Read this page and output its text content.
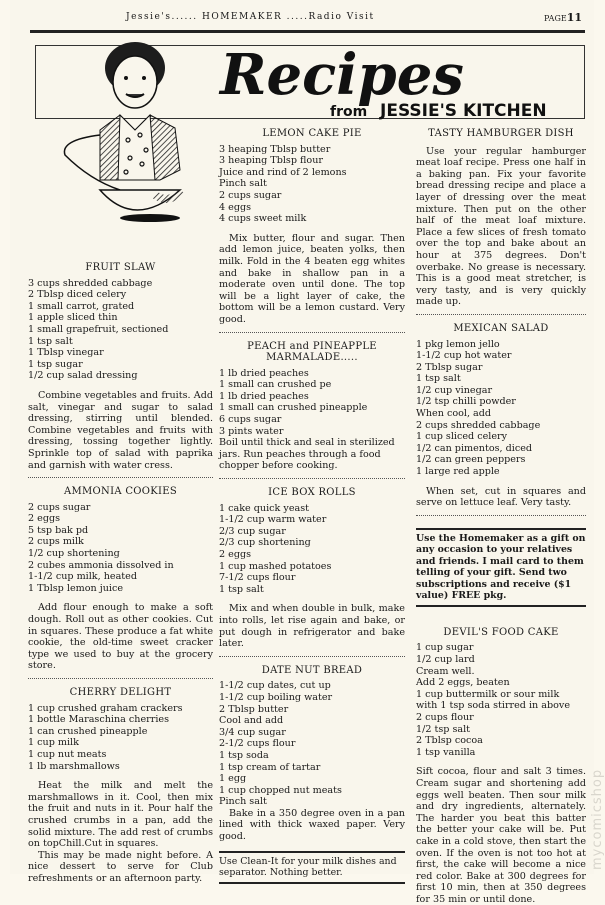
Jessie's...... HOMEMAKER .....Radio Visit	PAGE11
Recipes
from JESSIE'S KITCHEN
FRUIT SLAW
3 cups shredded cabbage
2 Tblsp diced celery
1 small carrot, grated
1 apple sliced thin
1 small grapefruit, sectioned
1 tsp salt
1 Tblsp vinegar
1 tsp sugar
1/2 cup salad dressing

Combine vegetables and fruits. Add salt, vinegar and sugar to salad dressing, stirring until blended. Combine vegetables and fruits with dressing, tossing together lightly. Sprinkle top of salad with paprika and garnish with water cress.

AMMONIA COOKIES
2 cups sugar
2 eggs
5 tsp bak pd
2 cups milk
1/2 cup shortening
2 cubes ammonia dissolved in
1-1/2 cup milk, heated
1 Tblsp lemon juice

Add flour enough to make a soft dough. Roll out as other cookies. Cut in squares. These produce a fat white cookie, the old-time sweet cracker type we used to buy at the grocery store.

CHERRY DELIGHT
1 cup crushed graham crackers
1 bottle Maraschina cherries
1 can crushed pineapple
1 cup milk
1 cup nut meats
1 lb marshmallows

Heat the milk and melt the marshmallows in it. Cool, then mix the fruit and nuts in it. Pour half the crushed crumbs in a pan, add the solid mixture. The add rest of crumbs on topChill.Cut in squares.

This may be made night before. A nice dessert to serve for Club refreshments or an afternoon party.

LEMON CAKE PIE
3 heaping Tblsp butter
3 heaping Tblsp flour
Juice and rind of 2 lemons
Pinch salt
2 cups sugar
4 eggs
4 cups sweet milk

Mix butter, flour and sugar. Then add lemon juice, beaten yolks, then milk. Fold in the 4 beaten egg whites and bake in shallow pan in a moderate oven until done. The top will be a light layer of cake, the bottom will be a lemon custard. Very good.

PEACH and PINEAPPLE MARMALADE.....
1 lb dried peaches
1 small can crushed pe
1 lb dried peaches
1 small can crushed pineapple
6 cups sugar
3 pints water
Boil until thick and seal in sterilized jars. Run peaches through a food chopper before cooking.
ICE BOX ROLLS
1 cake quick yeast
1-1/2 cup warm water
2/3 cup sugar
2/3 cup shortening
2 eggs
1 cup mashed potatoes
7-1/2 cups flour
1 tsp salt

Mix and when double in bulk, make into rolls, let rise again and bake, or put dough in refrigerator and bake later.

DATE NUT BREAD
1-1/2 cup dates, cut up
1-1/2 cup boiling water
2 Tblsp butter
Cool and add
3/4 cup sugar
2-1/2 cups flour
1 tsp soda
1 tsp cream of tartar
1 egg
1 cup chopped nut meats
Pinch salt

Bake in a 350 degree oven in a pan lined with thick waxed paper. Very good.

Use Clean-It for your milk dishes and separator. Nothing better.
TASTY HAMBURGER DISH

Use your regular hamburger meat loaf recipe. Press one half in a baking pan. Fix your favorite bread dressing recipe and place a layer of dressing over the meat mixture. Then put on the other half of the meat loaf mixture. Place a few slices of fresh tomato over the top and bake about an hour at 375 degrees. Don't overbake. No grease is necessary. This is a good meat stretcher, is very tasty, and is very quickly made up.

MEXICAN SALAD
1 pkg lemon jello
1-1/2 cup hot water
2 Tblsp sugar
1 tsp salt
1/2 cup vinegar
1/2 tsp chilli powder
When cool, add
2 cups shredded cabbage
1 cup sliced celery
1/2 can pimentos, diced
1/2 can green peppers
1 large red apple

When set, cut in squares and serve on lettuce leaf. Very tasty.

Use the Homemaker as a gift on any occasion to your relatives and friends. I mail card to them telling of your gift. Send two subscriptions and receive ($1 value) FREE pkg.
DEVIL'S FOOD CAKE
1 cup sugar
1/2 cup lard
Cream well.
Add 2 eggs, beaten
1 cup buttermilk or sour milk
with 1 tsp soda stirred in above
2 cups flour
1/2 tsp salt
2 Tblsp cocoa
1 tsp vanilla

Sift cocoa, flour and salt 3 times. Cream sugar and shortening add eggs well beaten. Then sour milk and dry ingredients, alternately. The harder you beat this batter the better your cake will be. Put cake in a cold stove, then start the oven. If the oven is not too hot at first, the cake will become a nice red color. Bake at 300 degrees for first 10 min, then at 350 degrees for 35 min or until done.

mycomicshop
